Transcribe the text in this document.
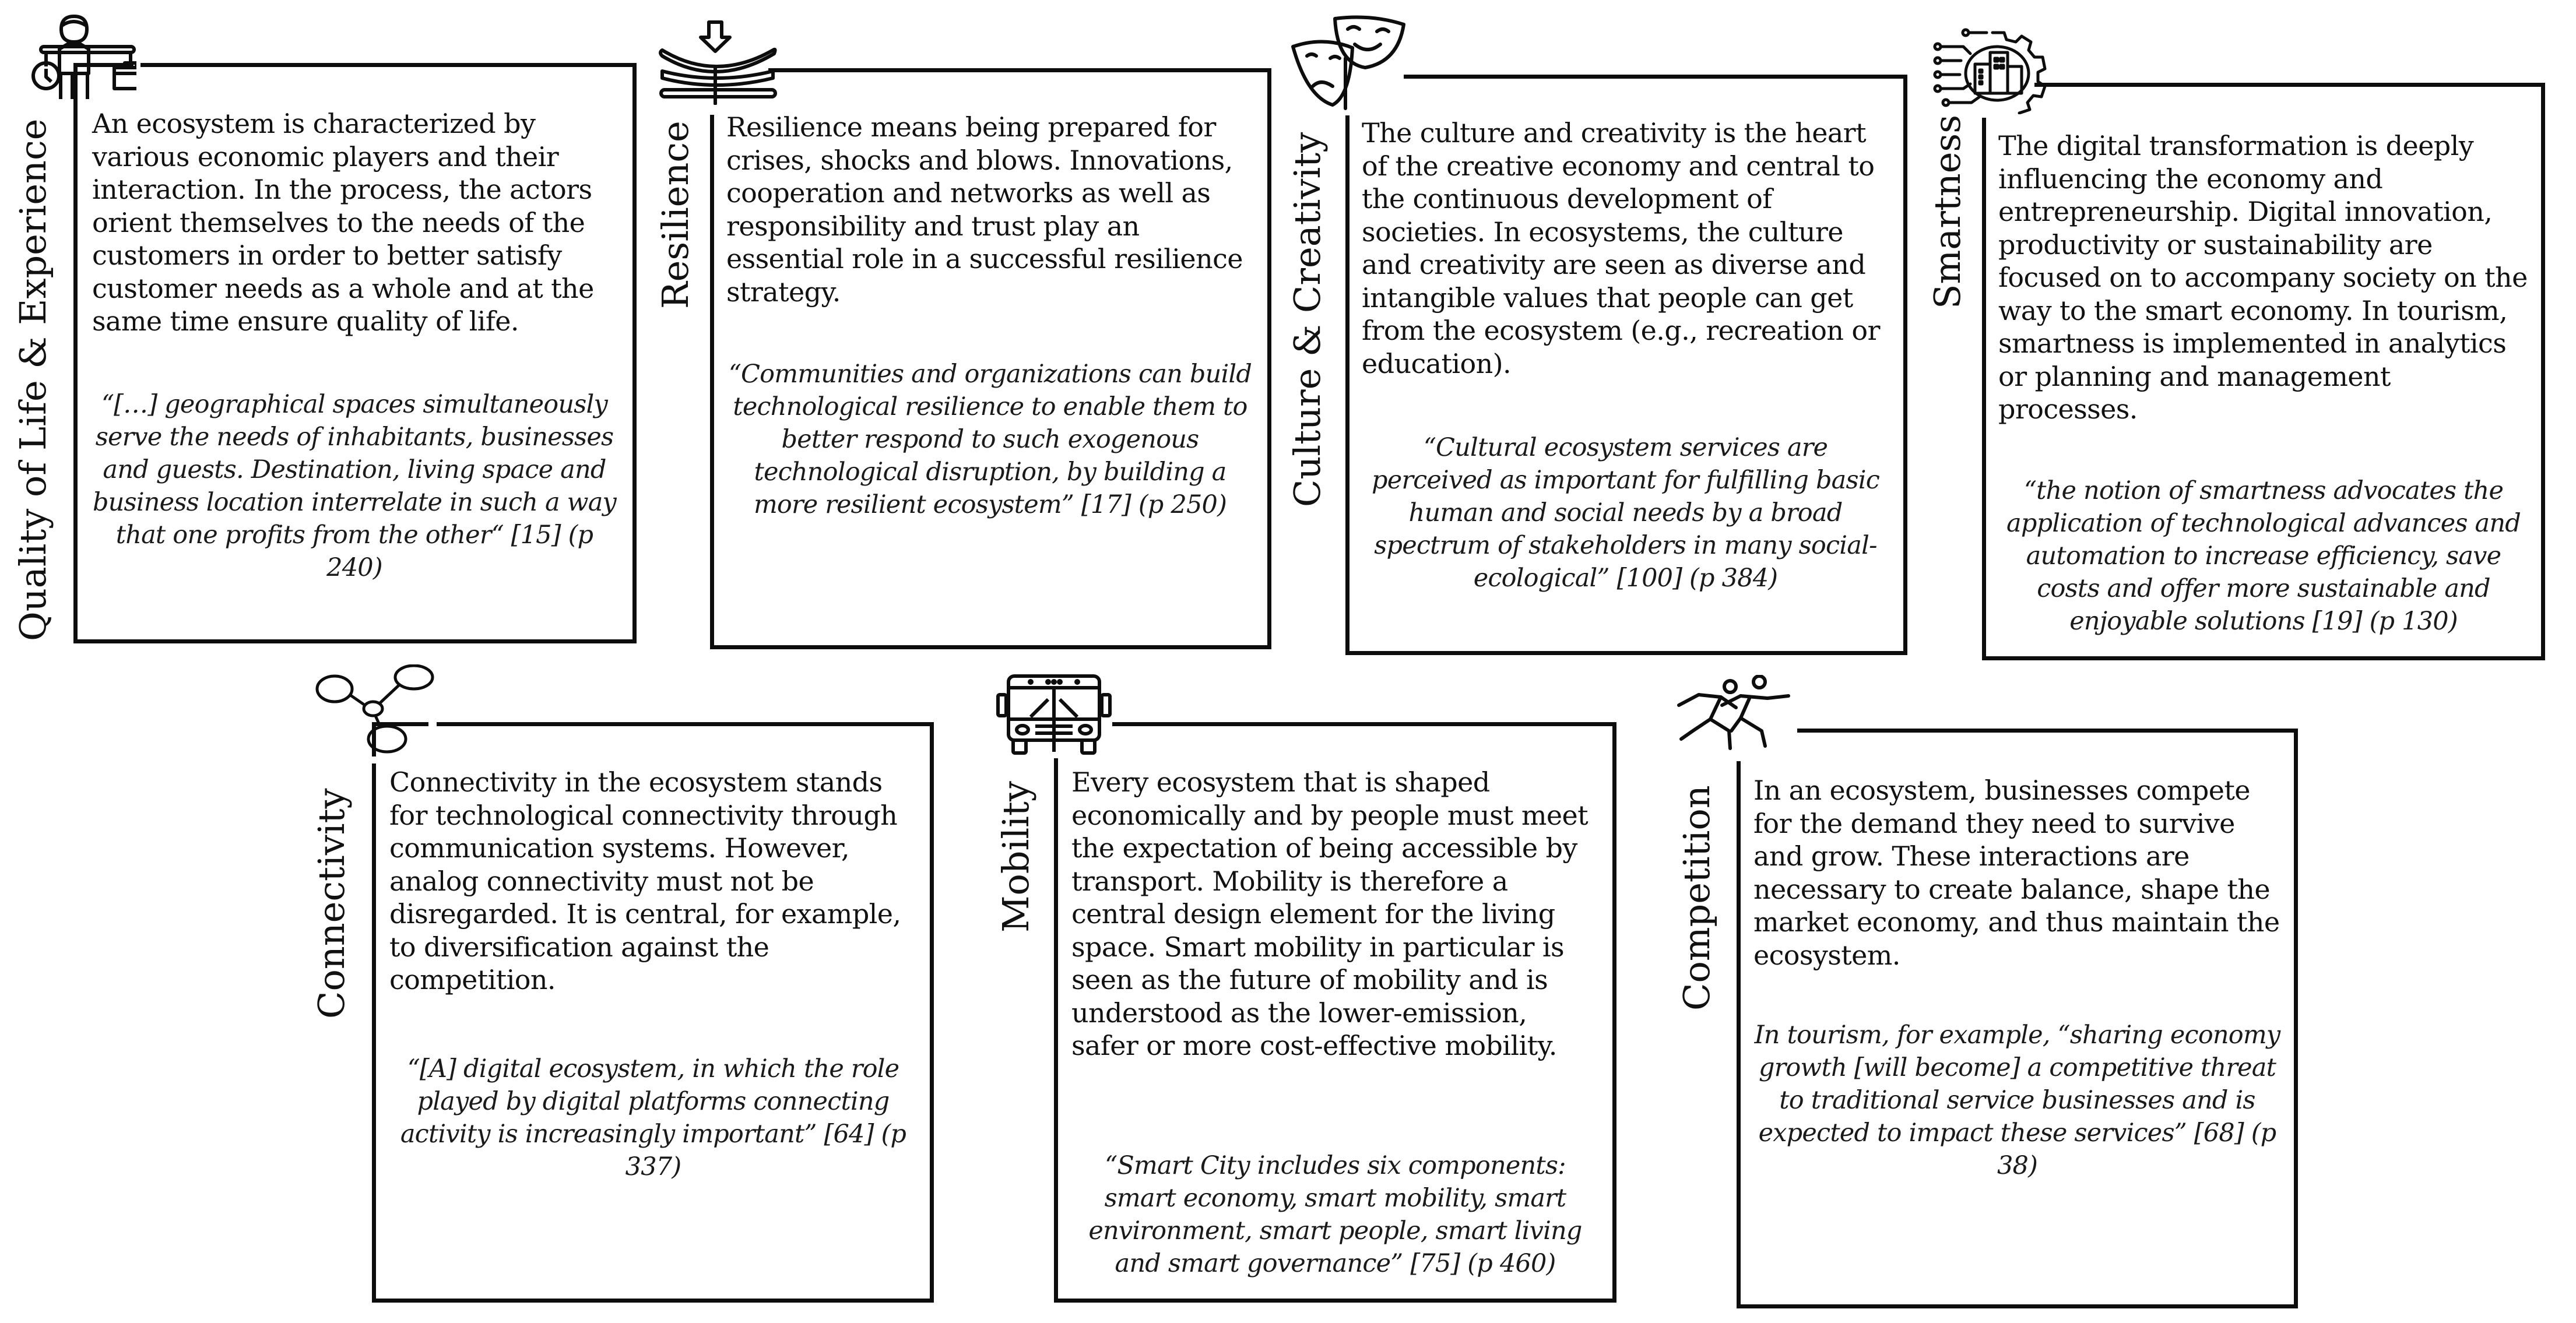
Quality of Life & Experience An ecosystem is characterized by various economic players and their interaction. In the process, the actors orient themselves to the needs of the customers in order to better satisfy customer needs as a whole and at the same time ensure quality of life.
“[…] geographical spaces simultaneously serve the needs of inhabitants, businesses and guests. Destination, living space and business location interrelate in such a way that one profits from the other“ [15] (p 240)
Resilience Resilience means being prepared for crises, shocks and blows. Innovations, cooperation and networks as well as responsibility and trust play an essential role in a successful resilience strategy.
“Communities and organizations can build technological resilience to enable them to better respond to such exogenous technological disruption, by building a more resilient ecosystem” [17] (p 250)	Culture & Creativity The culture and creativity is the heart of the creative economy and central to the continuous development of societies. In ecosystems, the culture and creativity are seen as diverse and intangible values that people can get from the ecosystem (e.g., recreation or education).
“Cultural ecosystem services are perceived as important for fulfilling basic human and social needs by a broad spectrum of stakeholders in many social-ecological” [100] (p 384)
Smartness The digital transformation is deeply influencing the economy and entrepreneurship. Digital innovation, productivity or sustainability are focused on to accompany society on the way to the smart economy. In tourism, smartness is implemented in analytics or planning and management processes.
“the notion of smartness advocates the application of technological advances and automation to increase efficiency, save costs and offer more sustainable and enjoyable solutions [19] (p 130)
Connectivity
Connectivity in the ecosystem stands for technological connectivity through communication systems. However, analog connectivity must not be disregarded. It is central, for example, to diversification against the competition.
“[A] digital ecosystem, in which the role played by digital platforms connecting activity is increasingly important” [64] (p 337)
Mobility Every ecosystem that is shaped economically and by people must meet the expectation of being accessible by transport. Mobility is therefore a central design element for the living space. Smart mobility in particular is seen as the future of mobility and is understood as the lower-emission, safer or more cost-effective mobility.
“Smart City includes six components: smart economy, smart mobility, smart environment, smart people, smart living and smart governance” [75] (p 460)
Competition In an ecosystem, businesses compete for the demand they need to survive and grow. These interactions are necessary to create balance, shape the market economy, and thus maintain the ecosystem.
In tourism, for example, “sharing economy growth [will become] a competitive threat to traditional service businesses and is expected to impact these services” [68] (p 38)
